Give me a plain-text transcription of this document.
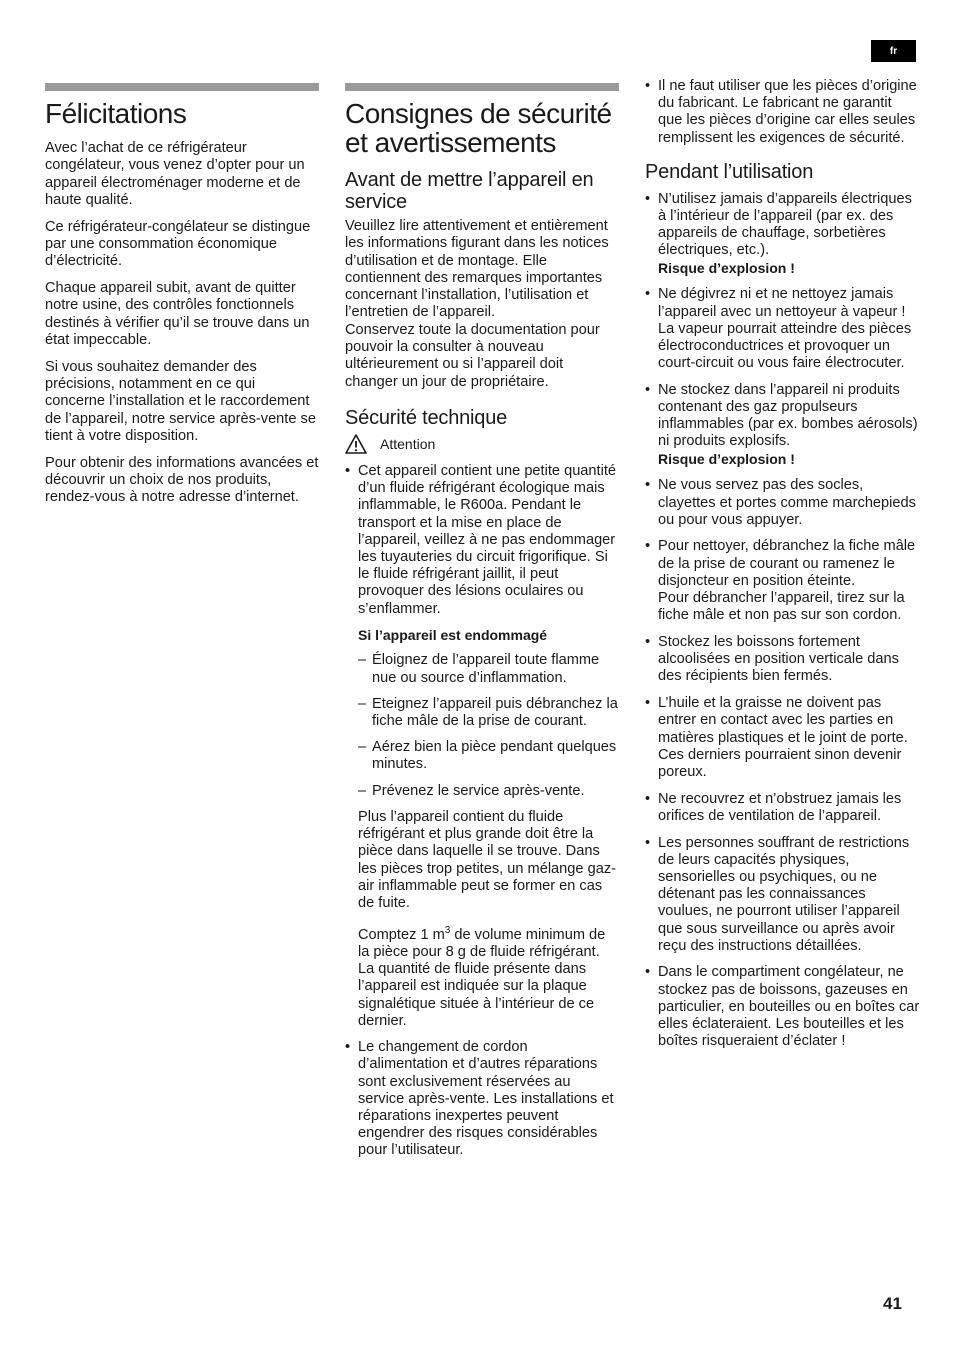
fr
Félicitations

Avec l’achat de ce réfrigérateur congélateur, vous venez d’opter pour un appareil électroménager moderne et de haute qualité.

Ce réfrigérateur-congélateur se distingue par une consommation économique d’électricité.

Chaque appareil subit, avant de quitter notre usine, des contrôles fonctionnels destinés à vérifier qu’il se trouve dans un état impeccable.

Si vous souhaitez demander des précisions, notamment en ce qui concerne l’installation et le raccordement de l’appareil, notre service après-vente se tient à votre disposition.

Pour obtenir des informations avancées et découvrir un choix de nos produits, rendez-vous à notre adresse d’internet.

Consignes de sécurité et avertissements
Avant de mettre l’appareil en service

Veuillez lire attentivement et entièrement les informations figurant dans les notices d’utilisation et de montage. Elle contiennent des remarques importantes concernant l’installation, l’utilisation et l’entretien de l’appareil.

Conservez toute la documentation pour pouvoir la consulter à nouveau ultérieurement ou si l’appareil doit changer un jour de propriétaire.

Sécurité technique
Attention
• Cet appareil contient une petite quantité d’un fluide réfrigérant écologique mais inflammable, le R600a. Pendant le transport et la mise en place de l’appareil, veillez à ne pas endommager les tuyauteries du circuit frigorifique. Si le fluide réfrigérant jaillit, il peut provoquer des lésions oculaires ou s’enflammer.
Si l’appareil est endommagé
– Éloignez de l’appareil toute flamme nue ou source d’inflammation.
– Eteignez l’appareil puis débranchez la fiche mâle de la prise de courant.
– Aérez bien la pièce pendant quelques minutes.
– Prévenez le service après-vente.

Plus l’appareil contient du fluide réfrigérant et plus grande doit être la pièce dans laquelle il se trouve. Dans les pièces trop petites, un mélange gaz-air inflammable peut se former en cas de fuite.

Comptez 1 $m^3$ de volume minimum de la pièce pour 8 g de fluide réfrigérant. La quantité de fluide présente dans l’appareil est indiquée sur la plaque signalétique située à l’intérieur de ce dernier.

• Le changement de cordon d’alimentation et d’autres réparations sont exclusivement réservées au service après-vente. Les installations et réparations inexpertes peuvent engendrer des risques considérables pour l’utilisateur.
• Il ne faut utiliser que les pièces d’origine du fabricant. Le fabricant ne garantit que les pièces d’origine car elles seules remplissent les exigences de sécurité.
Pendant l’utilisation
• N’utilisez jamais d’appareils électriques à l’intérieur de l’appareil (par ex. des appareils de chauffage, sorbetières électriques, etc.).
Risque d’explosion !
• Ne dégivrez ni et ne nettoyez jamais l’appareil avec un nettoyeur à vapeur ! La vapeur pourrait atteindre des pièces électroconductrices et provoquer un court-circuit ou vous faire électrocuter.
• Ne stockez dans l’appareil ni produits contenant des gaz propulseurs inflammables (par ex. bombes aérosols) ni produits explosifs.
Risque d’explosion !
• Ne vous servez pas des socles, clayettes et portes comme marchepieds ou pour vous appuyer.
• Pour nettoyer, débranchez la fiche mâle de la prise de courant ou ramenez le disjoncteur en position éteinte.
Pour débrancher l’appareil, tirez sur la fiche mâle et non pas sur son cordon.
• Stockez les boissons fortement alcoolisées en position verticale dans des récipients bien fermés.
• L’huile et la graisse ne doivent pas entrer en contact avec les parties en matières plastiques et le joint de porte. Ces derniers pourraient sinon devenir poreux.
• Ne recouvrez et n’obstruez jamais les orifices de ventilation de l’appareil.
• Les personnes souffrant de restrictions de leurs capacités physiques, sensorielles ou psychiques, ou ne détenant pas les connaissances voulues, ne pourront utiliser l’appareil que sous surveillance ou après avoir reçu des instructions détaillées.
• Dans le compartiment congélateur, ne stockez pas de boissons, gazeuses en particulier, en bouteilles ou en boîtes car elles éclateraient. Les bouteilles et les boîtes risqueraient d’éclater !
41
